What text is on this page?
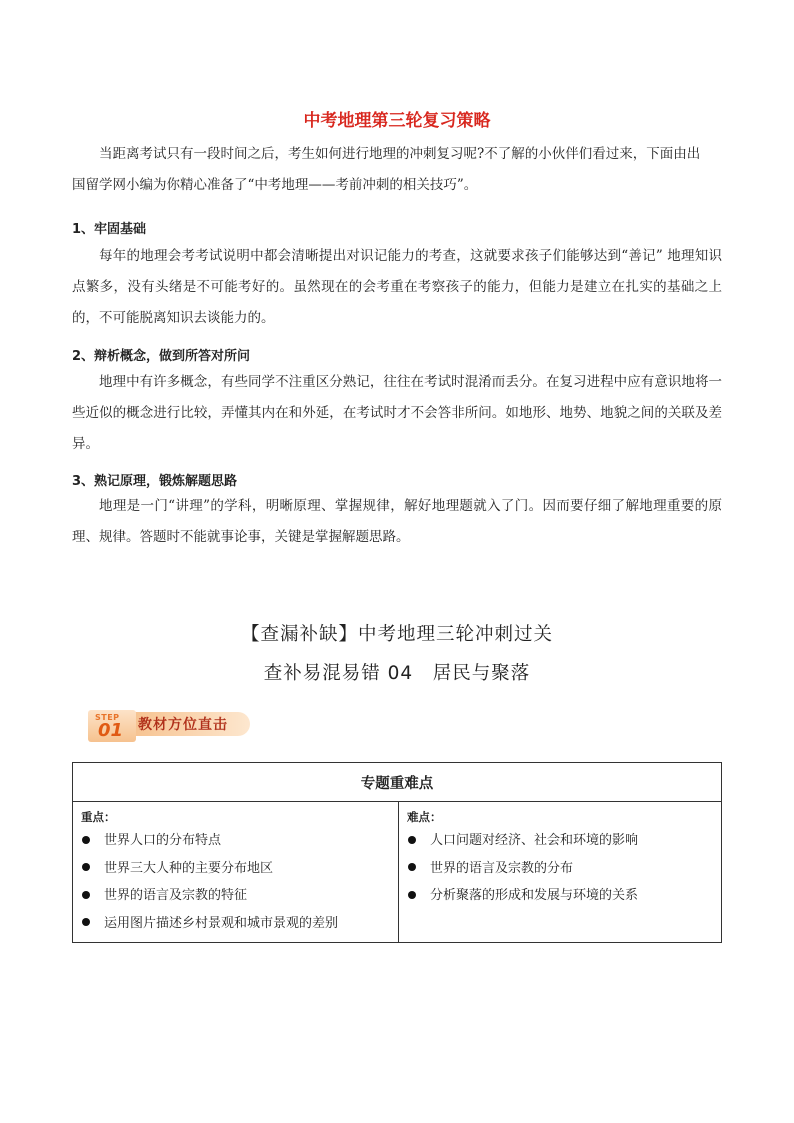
中考地理第三轮复习策略

当距离考试只有一段时间之后，考生如何进行地理的冲刺复习呢?不了解的小伙伴们看过来，下面由出
国留学网小编为你精心准备了“中考地理——考前冲刺的相关技巧”。

1、牢固基础

每年的地理会考考试说明中都会清晰提出对识记能力的考查，这就要求孩子们能够达到“善记” 地理知识点繁多，没有头绪是不可能考好的。虽然现在的会考重在考察孩子的能力，但能力是建立在扎实的基础之上的，不可能脱离知识去谈能力的。

2、辩析概念，做到所答对所问

地理中有许多概念，有些同学不注重区分熟记，往往在考试时混淆而丢分。在复习进程中应有意识地将一些近似的概念进行比较，弄懂其内在和外延，在考试时才不会答非所问。如地形、地势、地貌之间的关联及差异。

3、熟记原理，锻炼解题思路

地理是一门“讲理”的学科，明晰原理、掌握规律，解好地理题就入了门。因而要仔细了解地理重要的原理、规律。答题时不能就事论事，关键是掌握解题思路。

【查漏补缺】中考地理三轮冲刺过关
查补易混易错 04　居民与聚落
STEP
01 教材方位直击
专题重难点

重点：
世界人口的分布特点
世界三大人种的主要分布地区
世界的语言及宗教的特征
运用图片描述乡村景观和城市景观的差别

难点：
人口问题对经济、社会和环境的影响
世界的语言及宗教的分布
分析聚落的形成和发展与环境的关系
